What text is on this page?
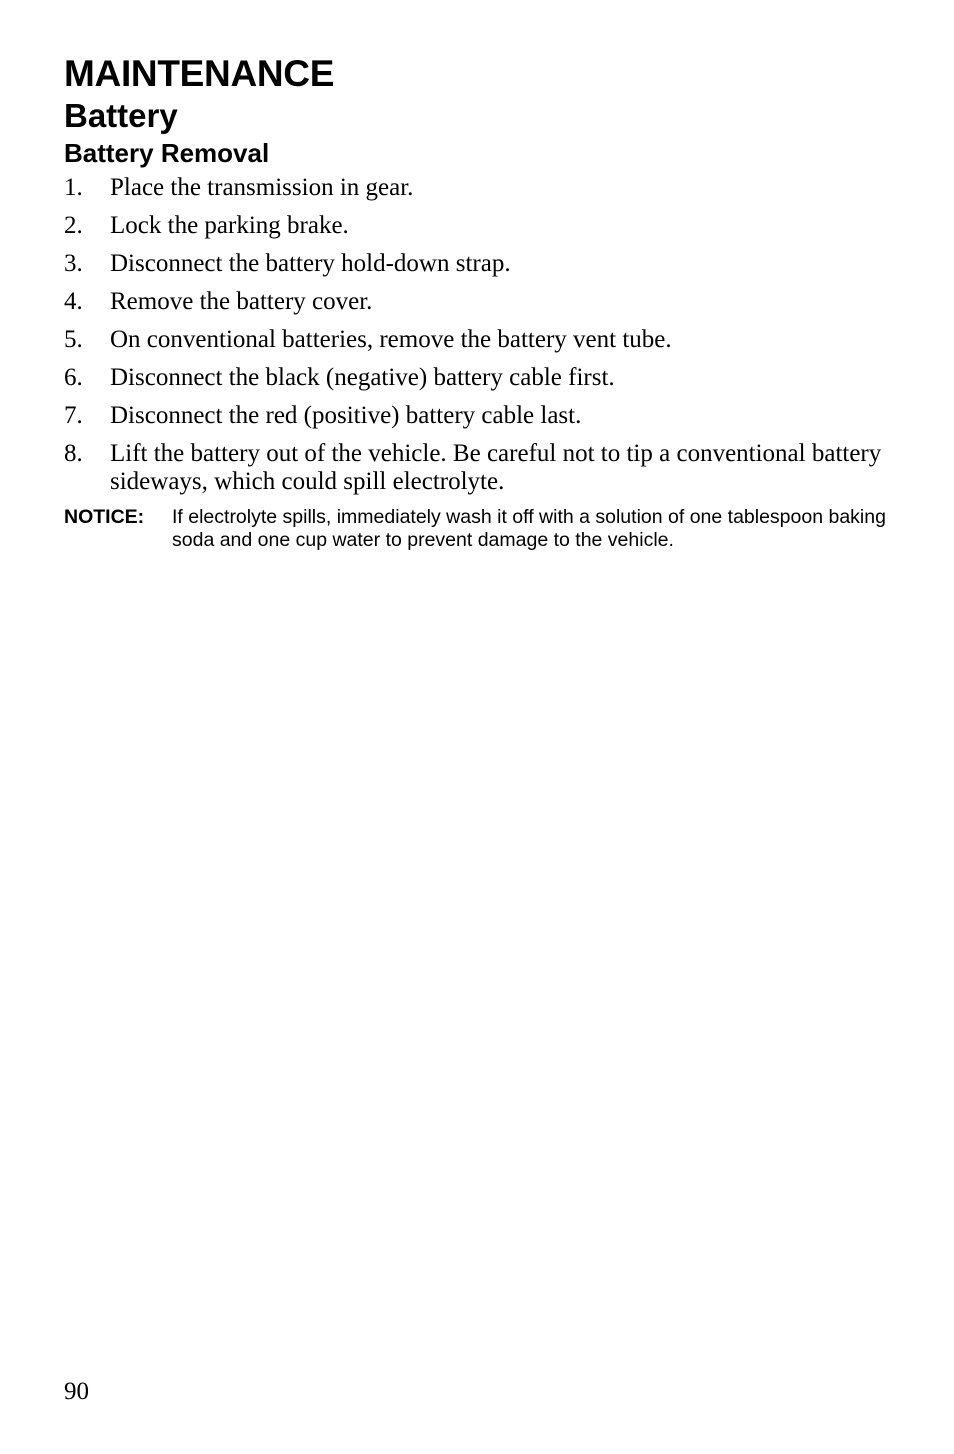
MAINTENANCE
Battery
Battery Removal
1.	Place the transmission in gear.
2.	Lock the parking brake.
3.	Disconnect the battery hold-down strap.
4.	Remove the battery cover.
5.	On conventional batteries, remove the battery vent tube.
6.	Disconnect the black (negative) battery cable first.
7.	Disconnect the red (positive) battery cable last.
8.	Lift the battery out of the vehicle. Be careful not to tip a conventional battery sideways, which could spill electrolyte.
NOTICE:	If electrolyte spills, immediately wash it off with a solution of one tablespoon baking soda and one cup water to prevent damage to the vehicle.
90
